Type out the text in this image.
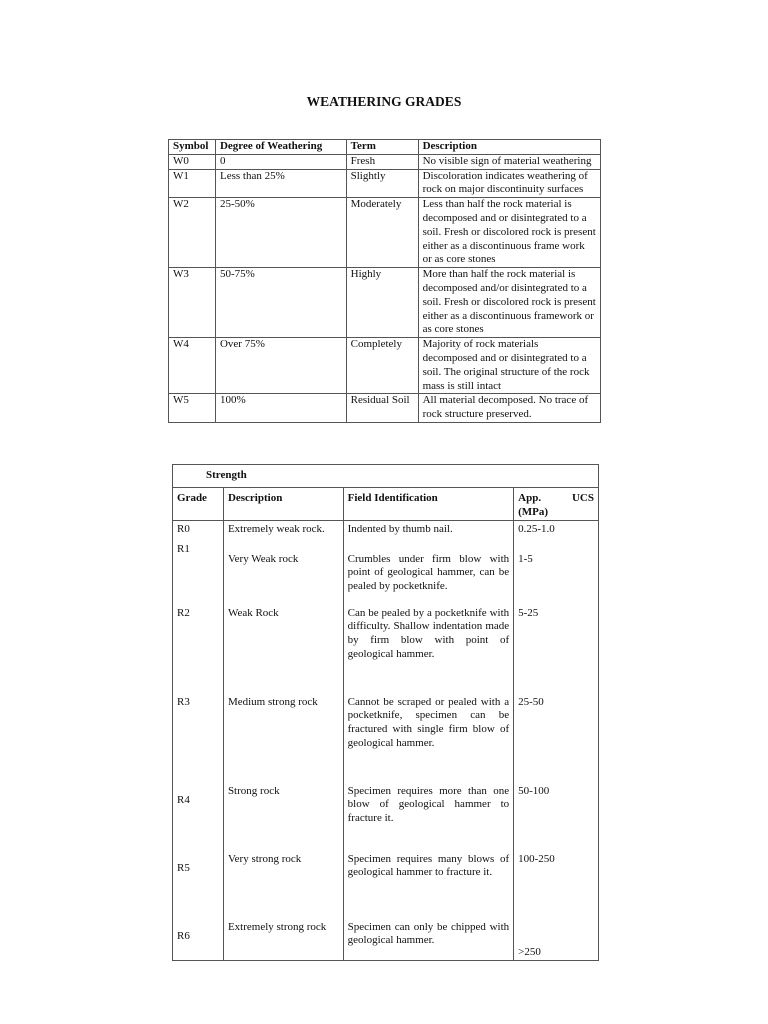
WEATHERING GRADES
Symbol	Degree of Weathering	Term	Description
W0	0	Fresh	No visible sign of material weathering
W1	Less than 25%	Slightly	Discoloration indicates weathering of rock on major discontinuity surfaces
W2	25-50%	Moderately	Less than half the rock material is decomposed and or disintegrated to a soil. Fresh or discolored rock is present either as a discontinuous frame work or as core stones
W3	50-75%	Highly	More than half the rock material is decomposed and/or disintegrated to a soil. Fresh or discolored rock is present either as a discontinuous framework or as core stones
W4	Over 75%	Completely	Majority of rock materials decomposed and or disintegrated to a soil. The original structure of the rock mass is still intact
W5	100%	Residual Soil	All material decomposed. No trace of rock structure preserved.
Strength			
Grade	Description	Field Identification	App. UCS
(MPa)

R0	Extremely weak rock.	Indented by thumb nail.	0.25-1.0
R1	Very Weak rock	Crumbles under firm blow with point of geological hammer, can be pealed by pocketknife.	1-5
R2	Weak Rock	Can be pealed by a pocketknife with difficulty. Shallow indentation made by firm blow with point of geological hammer.	5-25
R3	Medium strong rock	Cannot be scraped or pealed with a pocketknife, specimen can be fractured with single firm blow of geological hammer.	25-50
R4	Strong rock	Specimen requires more than one blow of geological hammer to fracture it.	50-100
R5	Very strong rock	Specimen requires many blows of geological hammer to fracture it.	100-250
R6	Extremely strong rock	Specimen can only be chipped with geological hammer.	>250
